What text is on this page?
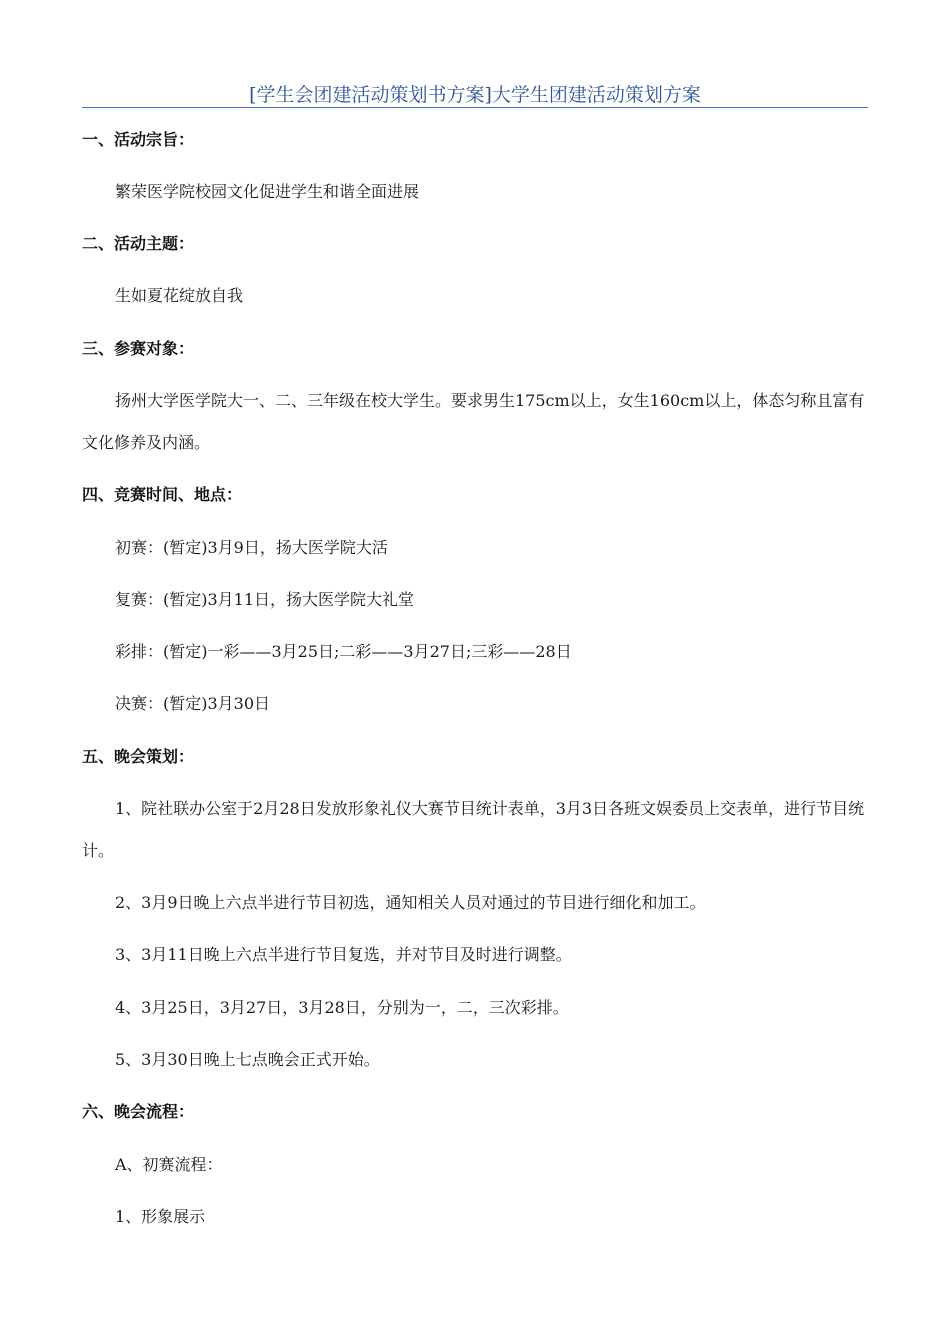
[学生会团建活动策划书方案]大学生团建活动策划方案
一、活动宗旨：
繁荣医学院校园文化促进学生和谐全面进展
二、活动主题：
生如夏花绽放自我
三、参赛对象：
扬州大学医学院大一、二、三年级在校大学生。要求男生175cm以上，女生160cm以上，体态匀称且富有文化修养及内涵。
四、竞赛时间、地点：
初赛：(暂定)3月9日，扬大医学院大活
复赛：(暂定)3月11日，扬大医学院大礼堂
彩排：(暂定)一彩——3月25日;二彩——3月27日;三彩——28日
决赛：(暂定)3月30日
五、晚会策划：
1、院社联办公室于2月28日发放形象礼仪大赛节目统计表单，3月3日各班文娱委员上交表单，进行节目统计。
2、3月9日晚上六点半进行节目初选，通知相关人员对通过的节目进行细化和加工。
3、3月11日晚上六点半进行节目复选，并对节目及时进行调整。
4、3月25日，3月27日，3月28日，分别为一，二，三次彩排。
5、3月30日晚上七点晚会正式开始。
六、晚会流程：
A、初赛流程：
1、形象展示
